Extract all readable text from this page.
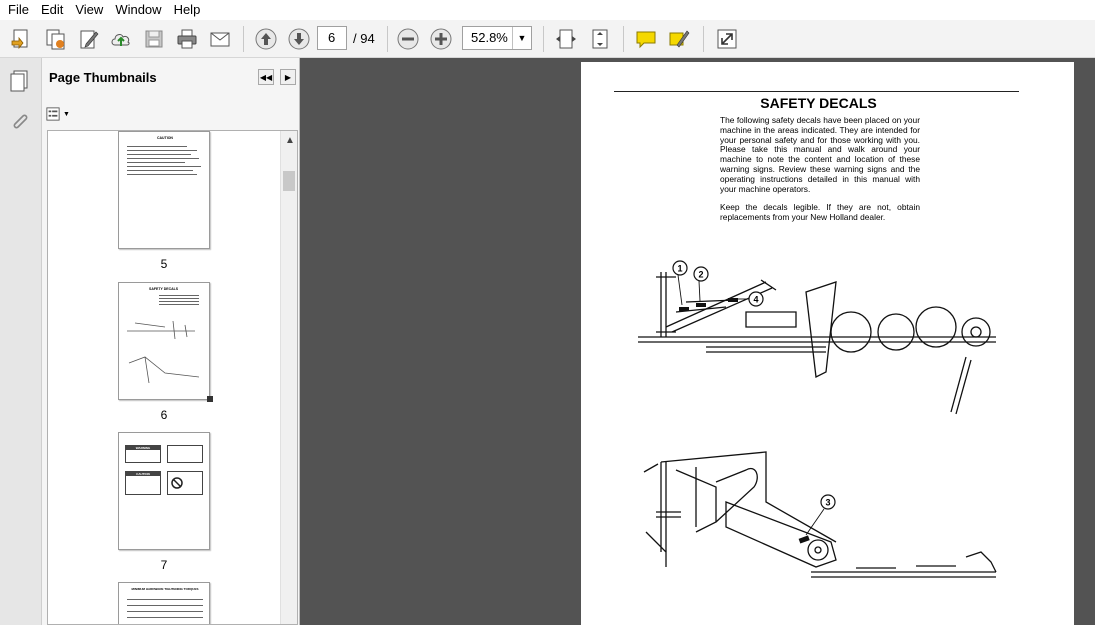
File Edit View Window Help
6	/ 94	52.8%	▼
Page Thumbnails	◀◀	▶
▼
CAUTION
5
SAFETY DECALS
6
WARNING
CAUTION
7
MINIMUM HARDWARE TIGHTENING TORQUES
▲
SAFETY DECALS
The following safety decals have been placed on your machine in the areas indicated. They are intended for your personal safety and for those working with you. Please take this manual and walk around your machine to note the content and location of these warning signs. Review these warning signs and the operating instructions detailed in this manual with your machine operators.
Keep the decals legible. If they are not, obtain replacements from your New Holland dealer.
1
2
4
3
